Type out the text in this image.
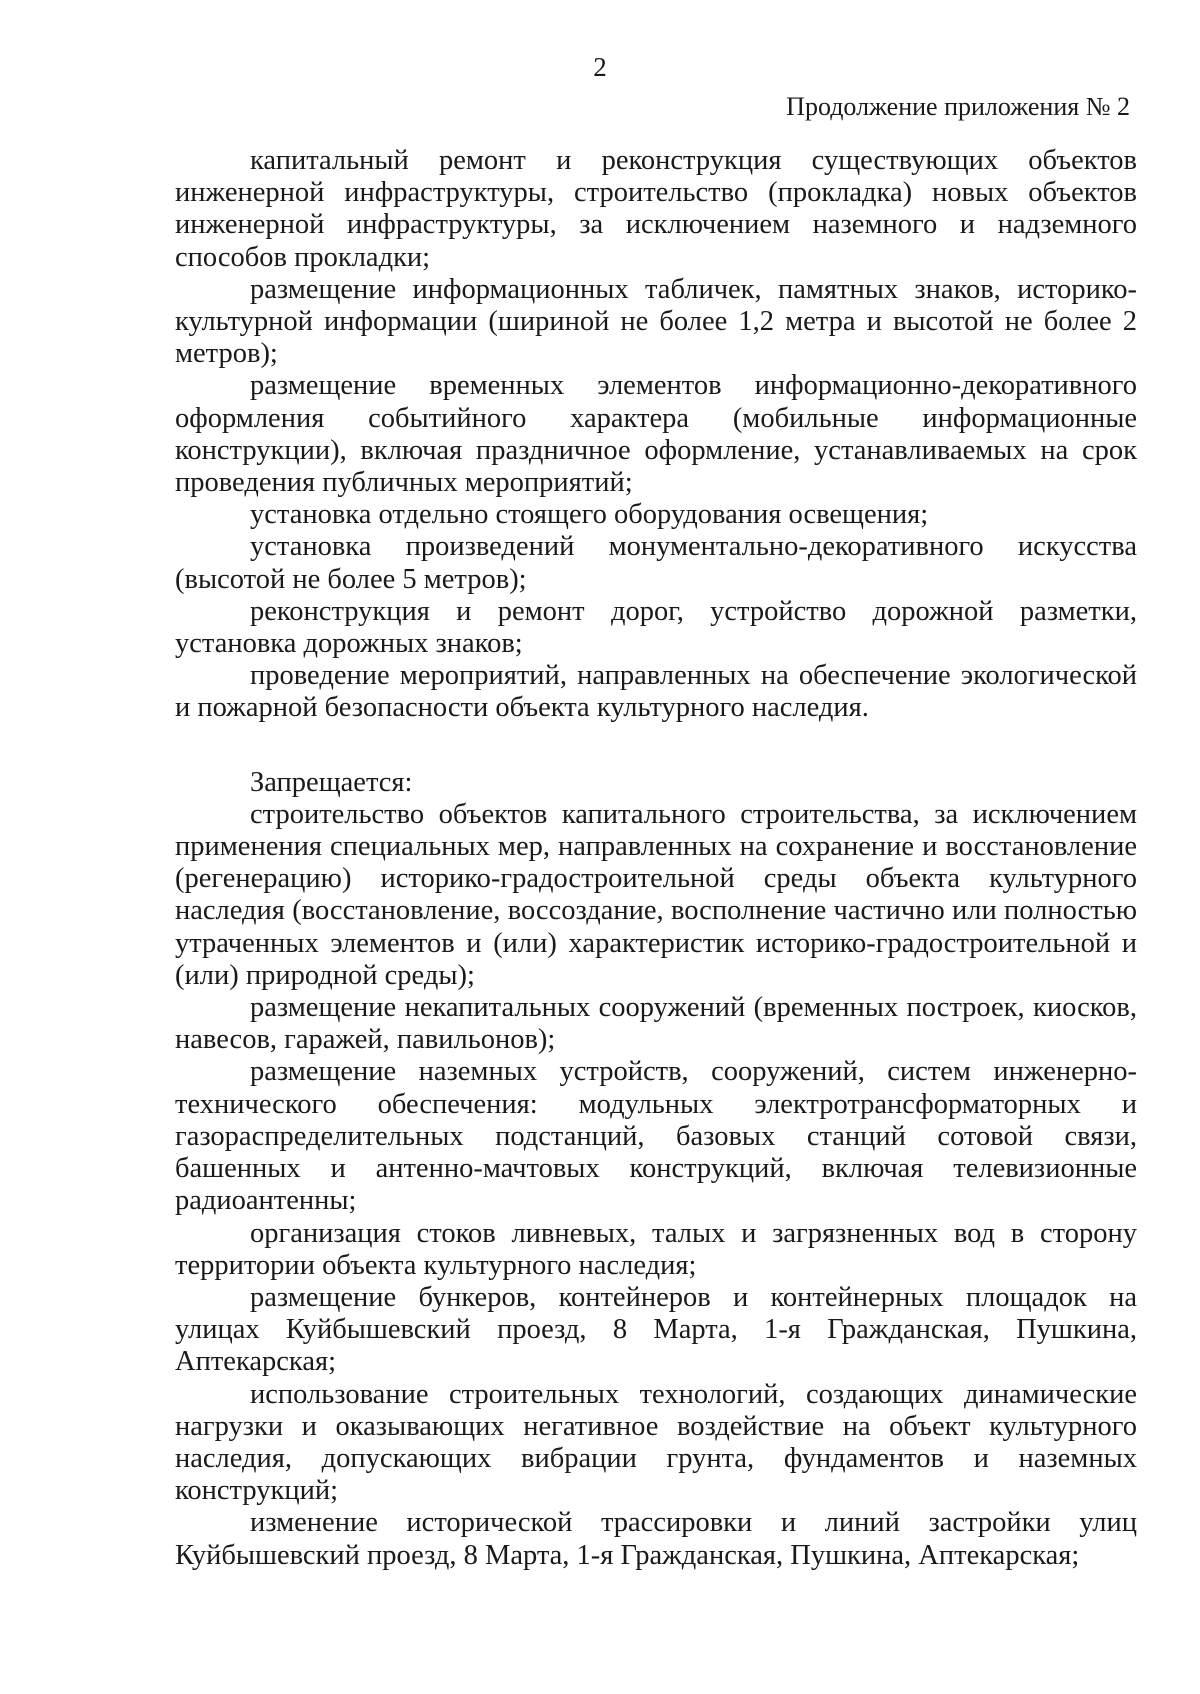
2
Продолжение приложения № 2

капитальный ремонт и реконструкция существующих объектов инженерной инфраструктуры, строительство (прокладка) новых объектов инженерной инфраструктуры, за исключением наземного и надземного способов прокладки;

размещение информационных табличек, памятных знаков, историко-культурной информации (шириной не более 1,2 метра и высотой не более 2 метров);

размещение временных элементов информационно-декоративного оформления событийного характера (мобильные информационные конструкции), включая праздничное оформление, устанавливаемых на срок проведения публичных мероприятий;

установка отдельно стоящего оборудования освещения;

установка произведений монументально-декоративного искусства (высотой не более 5 метров);

реконструкция и ремонт дорог, устройство дорожной разметки, установка дорожных знаков;

проведение мероприятий, направленных на обеспечение экологической и пожарной безопасности объекта культурного наследия.

Запрещается:

строительство объектов капитального строительства, за исключением применения специальных мер, направленных на сохранение и восстановление (регенерацию) историко-градостроительной среды объекта культурного наследия (восстановление, воссоздание, восполнение частично или полностью утраченных элементов и (или) характеристик историко-градостроительной и (или) природной среды);

размещение некапитальных сооружений (временных построек, киосков, навесов, гаражей, павильонов);

размещение наземных устройств, сооружений, систем инженерно-технического обеспечения: модульных электротрансформаторных и газораспределительных подстанций, базовых станций сотовой связи, башенных и антенно-мачтовых конструкций, включая телевизионные радиоантенны;

организация стоков ливневых, талых и загрязненных вод в сторону территории объекта культурного наследия;

размещение бункеров, контейнеров и контейнерных площадок на улицах Куйбышевский проезд, 8 Марта, 1-я Гражданская, Пушкина, Аптекарская;

использование строительных технологий, создающих динамические нагрузки и оказывающих негативное воздействие на объект культурного наследия, допускающих вибрации грунта, фундаментов и наземных конструкций;

изменение исторической трассировки и линий застройки улиц Куйбышевский проезд, 8 Марта, 1-я Гражданская, Пушкина, Аптекарская;
